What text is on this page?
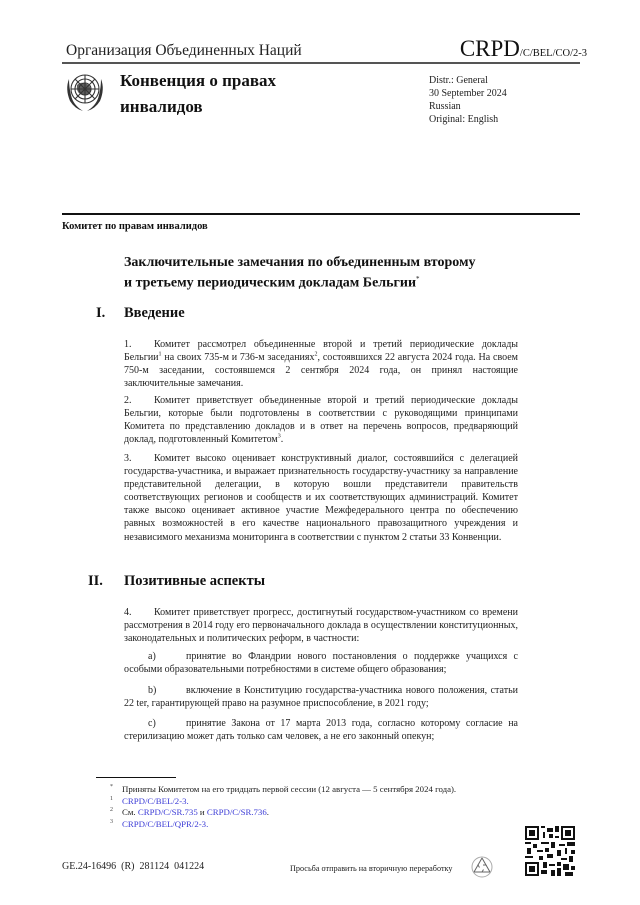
Организация Объединенных Наций	CRPD/C/BEL/CO/2-3
Конвенция о правах
инвалидов
Distr.: General
30 September 2024
Russian
Original: English
Комитет по правам инвалидов
Заключительные замечания по объединенным второму
и третьему периодическим докладам Бельгии*
I. Введение
1. Комитет рассмотрел объединенные второй и третий периодические доклады Бельгии$^1$ на своих 735-м и 736-м заседаниях$^2$, состоявшихся 22 августа 2024 года. На своем 750-м заседании, состоявшемся 2 сентября 2024 года, он принял настоящие заключительные замечания.
2. Комитет приветствует объединенные второй и третий периодические доклады Бельгии, которые были подготовлены в соответствии с руководящими принципами Комитета по представлению докладов и в ответ на перечень вопросов, предваряющий доклад, подготовленный Комитетом$^3$.
3. Комитет высоко оценивает конструктивный диалог, состоявшийся с делегацией государства-участника, и выражает признательность государству-участнику за направление представительной делегации, в которую вошли представители правительств соответствующих регионов и сообществ и их соответствующих администраций. Комитет также высоко оценивает активное участие Межфедерального центра по обеспечению равных возможностей в его качестве национального правозащитного учреждения и независимого механизма мониторинга в соответствии с пунктом 2 статьи 33 Конвенции.
II. Позитивные аспекты
4. Комитет приветствует прогресс, достигнутый государством-участником со времени рассмотрения в 2014 году его первоначального доклада в осуществлении конституционных, законодательных и политических реформ, в частности:
a)	принятие во Фландрии нового постановления о поддержке учащихся с особыми образовательными потребностями в системе общего образования;
b)	включение в Конституцию государства-участника нового положения, статьи 22 ter, гарантирующей право на разумное приспособление, в 2021 году;
c)	принятие Закона от 17 марта 2013 года, согласно которому согласие на стерилизацию может дать только сам человек, а не его законный опекун;
* Приняты Комитетом на его тридцать первой сессии (12 августа — 5 сентября 2024 года).
1 CRPD/C/BEL/2-3.
2 См. CRPD/C/SR.735 и CRPD/C/SR.736.
3 CRPD/C/BEL/QPR/2-3.
GE.24-16496  (R)  281124  041224	Просьба отправить на вторичную переработку
